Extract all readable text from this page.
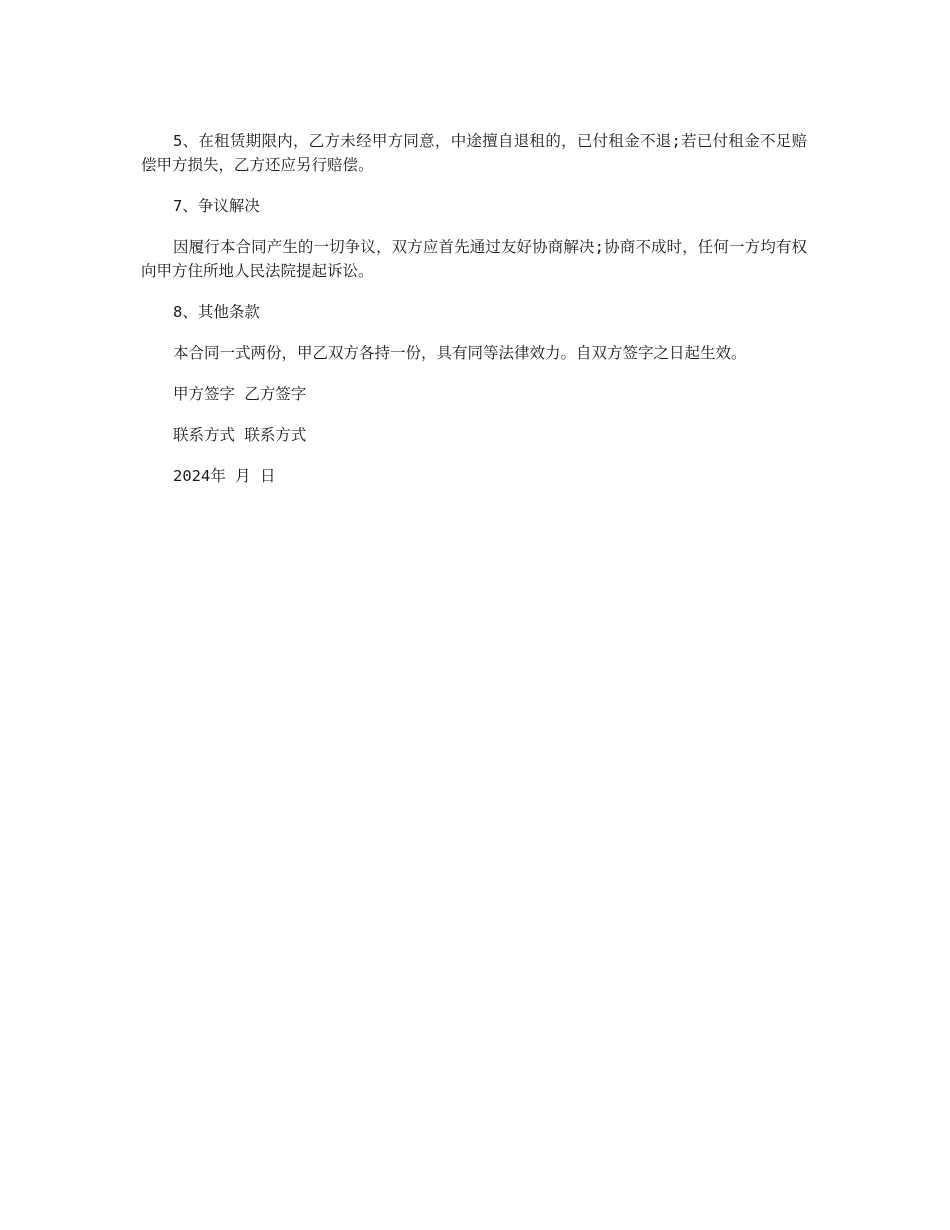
5、在租赁期限内，乙方未经甲方同意，中途擅自退租的，已付租金不退;若已付租金不足赔偿甲方损失，乙方还应另行赔偿。

7、争议解决

因履行本合同产生的一切争议，双方应首先通过友好协商解决;协商不成时，任何一方均有权向甲方住所地人民法院提起诉讼。

8、其他条款

本合同一式两份，甲乙双方各持一份，具有同等法律效力。自双方签字之日起生效。

甲方签字 乙方签字

联系方式 联系方式

2024年 月 日
